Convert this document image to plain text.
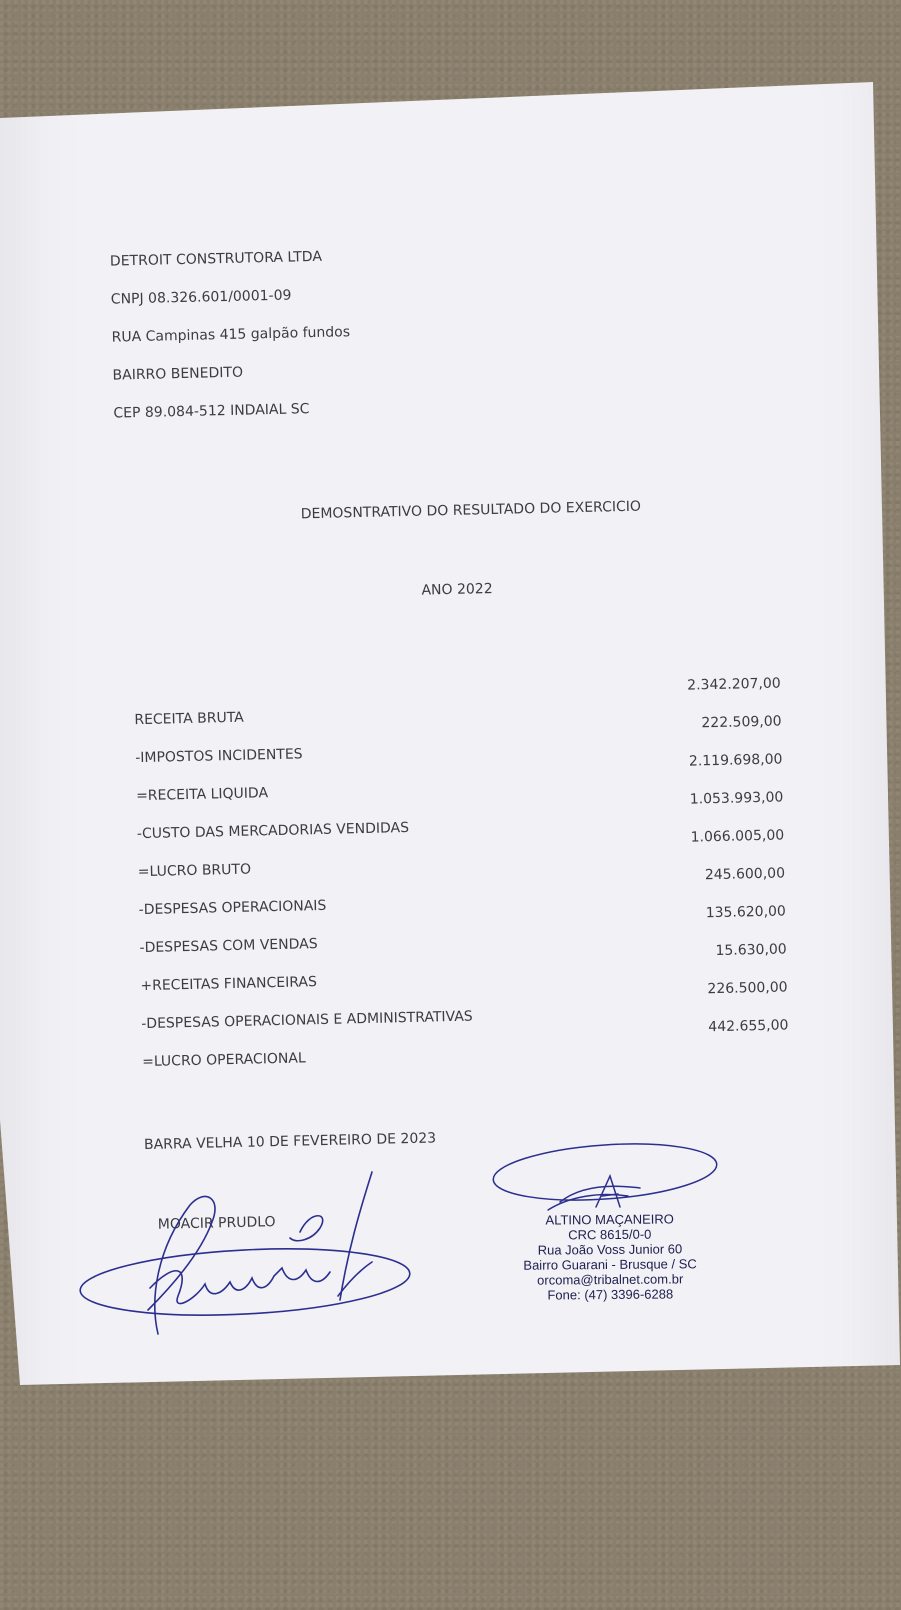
DETROIT CONSTRUTORA LTDA
CNPJ 08.326.601/0001-09
RUA Campinas 415 galpão fundos
BAIRRO BENEDITO
CEP 89.084-512 INDAIAL SC
DEMOSNTRATIVO DO RESULTADO DO EXERCICIO
ANO 2022
RECEITA BRUTA
2.342.207,00
-IMPOSTOS INCIDENTES
222.509,00
=RECEITA LIQUIDA
2.119.698,00
-CUSTO DAS MERCADORIAS VENDIDAS
1.053.993,00
=LUCRO BRUTO
1.066.005,00
-DESPESAS OPERACIONAIS
245.600,00
-DESPESAS COM VENDAS
135.620,00
+RECEITAS FINANCEIRAS
15.630,00
-DESPESAS OPERACIONAIS E ADMINISTRATIVAS
226.500,00
=LUCRO OPERACIONAL
442.655,00
BARRA VELHA 10 DE FEVEREIRO DE 2023
MOACIR PRUDLO	ALTINO MAÇANEIRO
CRC 8615/0-0
Rua João Voss Junior 60
Bairro Guarani - Brusque / SC
orcoma@tribalnet.com.br
Fone: (47) 3396-6288
